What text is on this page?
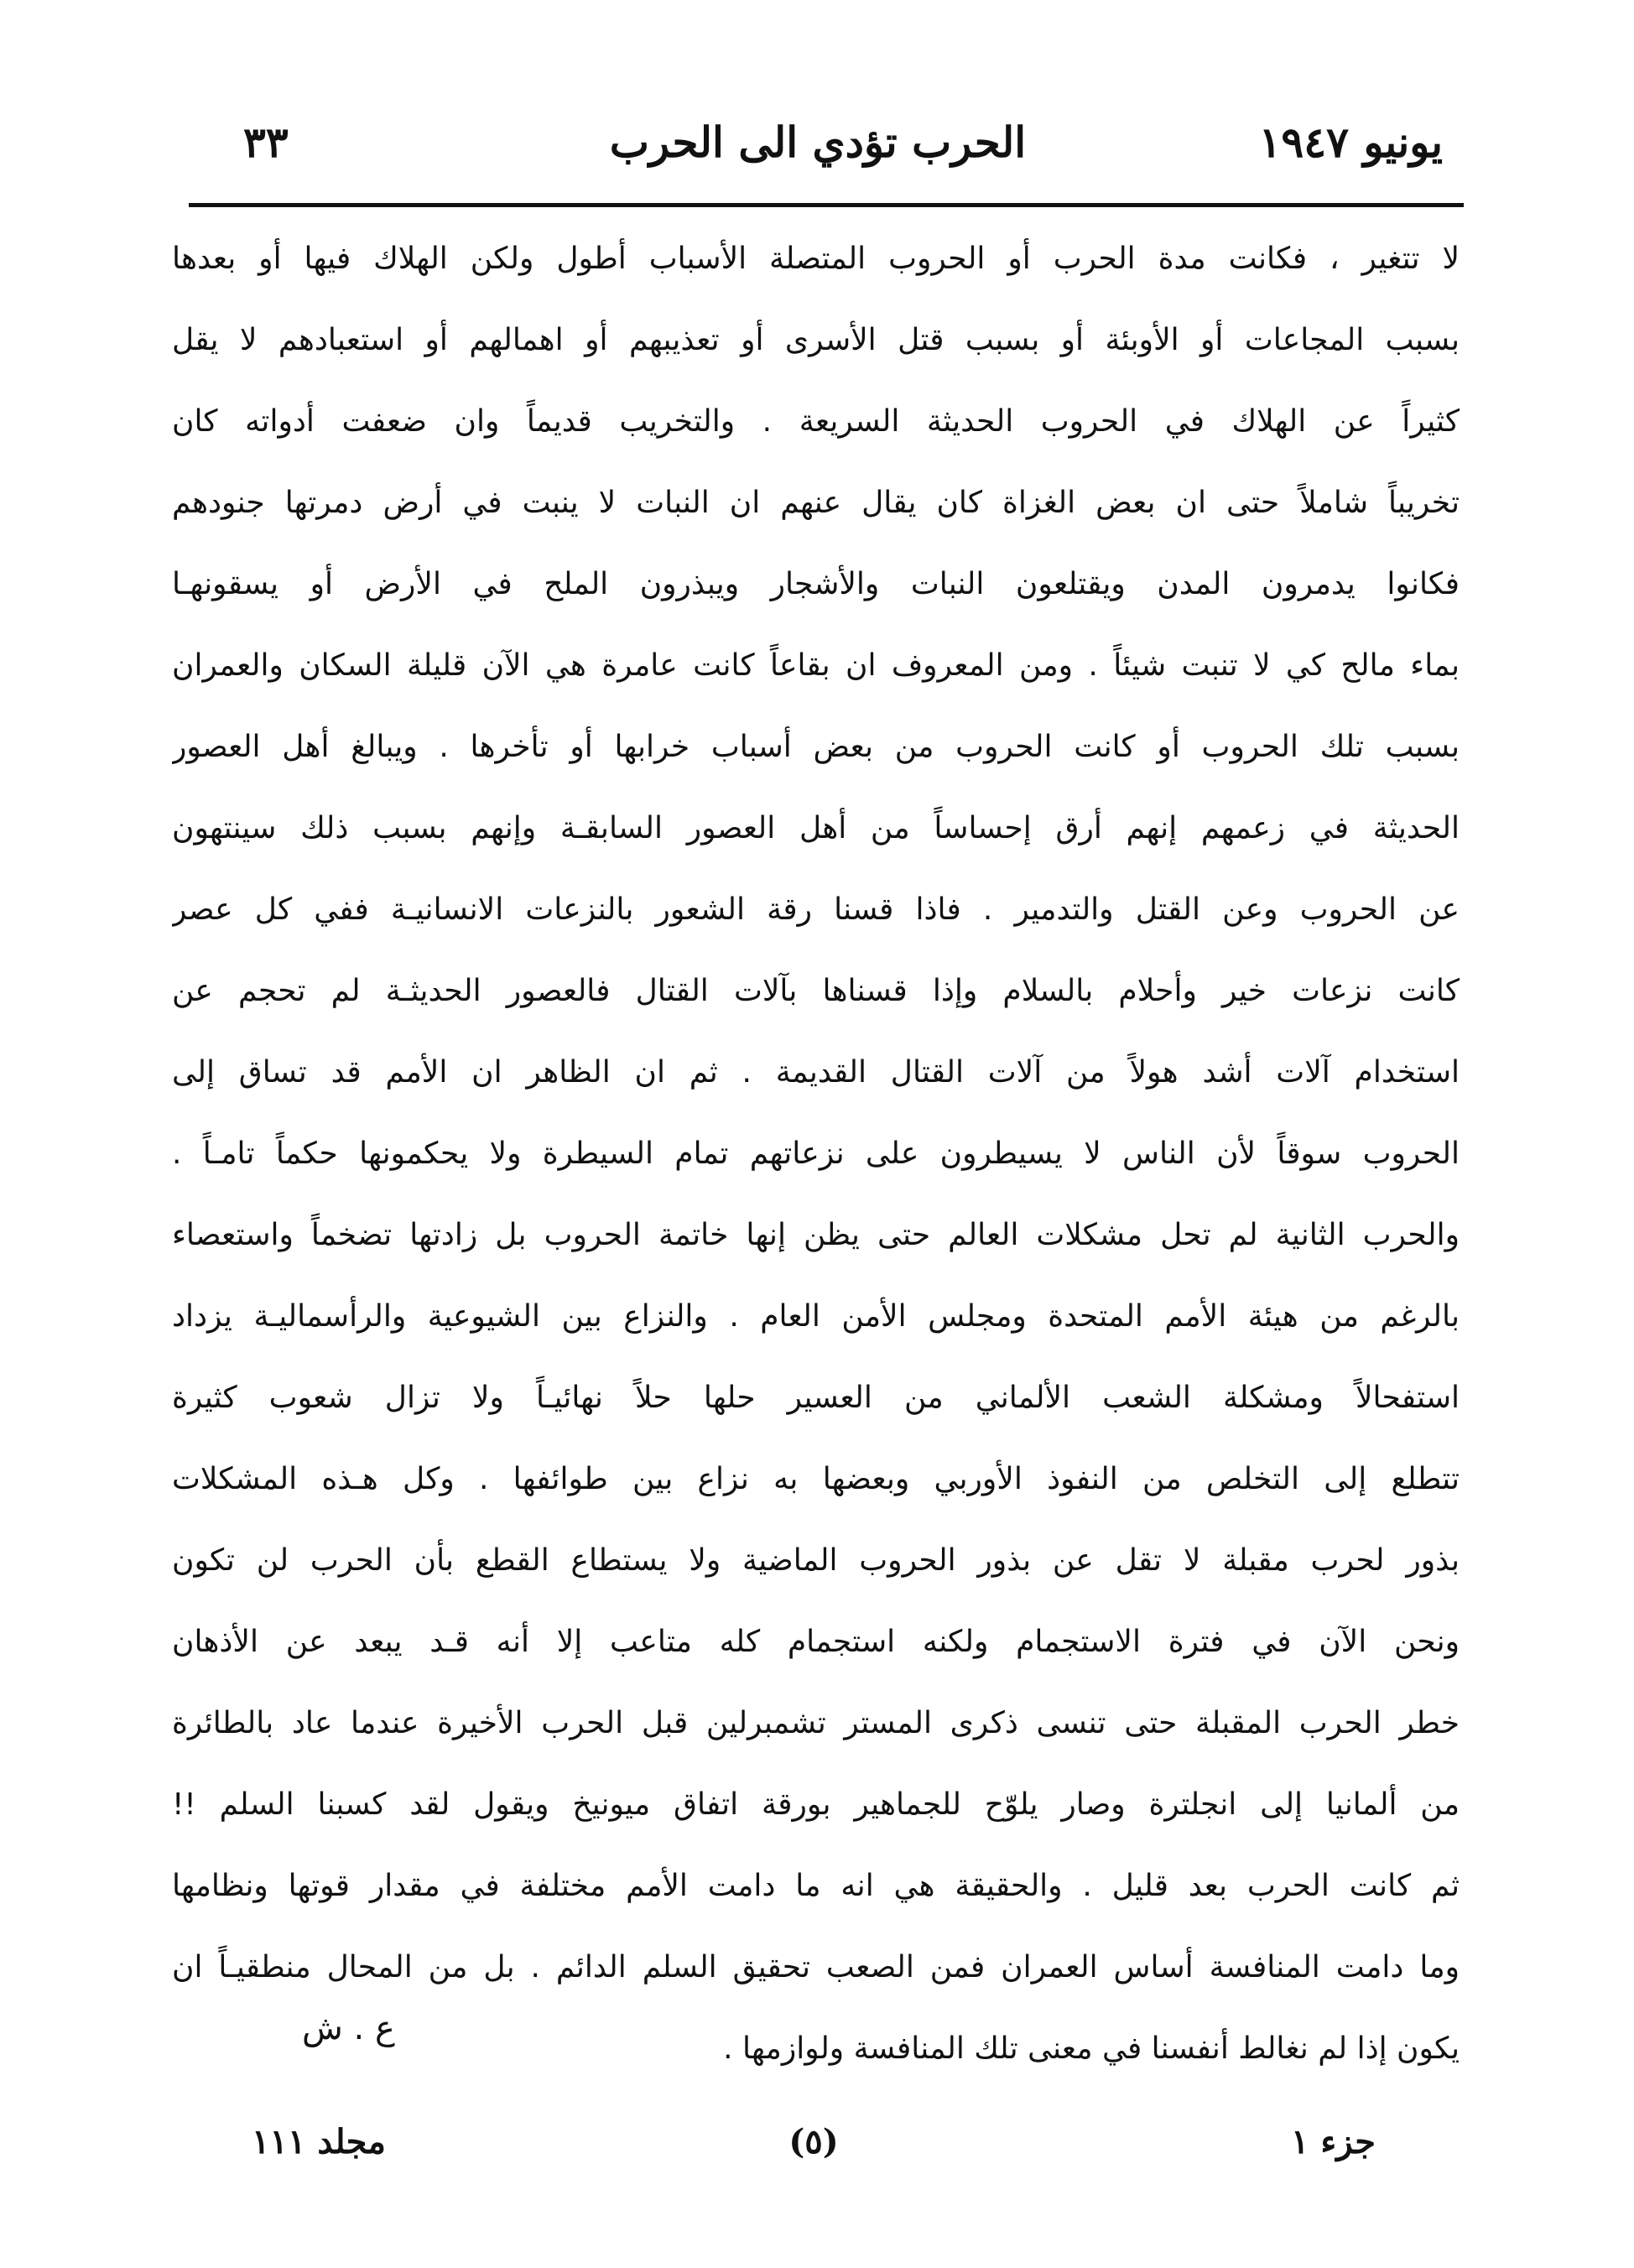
يونيو ١٩٤٧
الحرب تؤدي الى الحرب
٣٣
لا تتغير ، فكانت مدة الحرب أو الحروب المتصلة الأسباب أطول ولكن الهلاك فيها أو بعدها
بسبب المجاعات أو الأوبئة أو بسبب قتل الأسرى أو تعذيبهم أو اهمالهم أو استعبادهم لا يقل
كثيراً عن الهلاك في الحروب الحديثة السريعة . والتخريب قديماً وان ضعفت أدواته كان
تخريباً شاملاً حتى ان بعض الغزاة كان يقال عنهم ان النبات لا ينبت في أرض دمرتها جنودهم
فكانوا يدمرون المدن ويقتلعون النبات والأشجار ويبذرون الملح في الأرض أو يسقونهـا
بماء مالح كي لا تنبت شيئاً . ومن المعروف ان بقاعاً كانت عامرة هي الآن قليلة السكان والعمران
بسبب تلك الحروب أو كانت الحروب من بعض أسباب خرابها أو تأخرها . ويبالغ أهل العصور
الحديثة في زعمهم إنهم أرق إحساساً من أهل العصور السابقـة وإنهم بسبب ذلك سينتهون
عن الحروب وعن القتل والتدمير . فاذا قسنا رقة الشعور بالنزعات الانسانيـة ففي كل عصر
كانت نزعات خير وأحلام بالسلام وإذا قسناها بآلات القتال فالعصور الحديثـة لم تحجم عن
استخدام آلات أشد هولاً من آلات القتال القديمة . ثم ان الظاهر ان الأمم قد تساق إلى
الحروب سوقاً لأن الناس لا يسيطرون على نزعاتهم تمام السيطرة ولا يحكمونها حكماً تامـاً .
والحرب الثانية لم تحل مشكلات العالم حتى يظن إنها خاتمة الحروب بل زادتها تضخماً واستعصاء
بالرغم من هيئة الأمم المتحدة ومجلس الأمن العام . والنزاع بين الشيوعية والرأسماليـة يزداد
استفحالاً ومشكلة الشعب الألماني من العسير حلها حلاً نهائيـاً ولا تزال شعوب كثيرة
تتطلع إلى التخلص من النفوذ الأوربي وبعضها به نزاع بين طوائفها . وكل هـذه المشكلات
بذور لحرب مقبلة لا تقل عن بذور الحروب الماضية ولا يستطاع القطع بأن الحرب لن تكون
ونحن الآن في فترة الاستجمام ولكنه استجمام كله متاعب إلا أنه قـد يبعد عن الأذهان
خطر الحرب المقبلة حتى تنسى ذكرى المستر تشمبرلين قبل الحرب الأخيرة عندما عاد بالطائرة
من ألمانيا إلى انجلترة وصار يلوّح للجماهير بورقة اتفاق ميونيخ ويقول لقد كسبنا السلم !!
ثم كانت الحرب بعد قليل . والحقيقة هي انه ما دامت الأمم مختلفة في مقدار قوتها ونظامها
وما دامت المنافسة أساس العمران فمن الصعب تحقيق السلم الدائم . بل من المحال منطقيـاً ان
يكون إذا لم نغالط أنفسنا في معنى تلك المنافسة ولوازمها .
ع . ش
جزء ١
(٥)
مجلد ١١١
